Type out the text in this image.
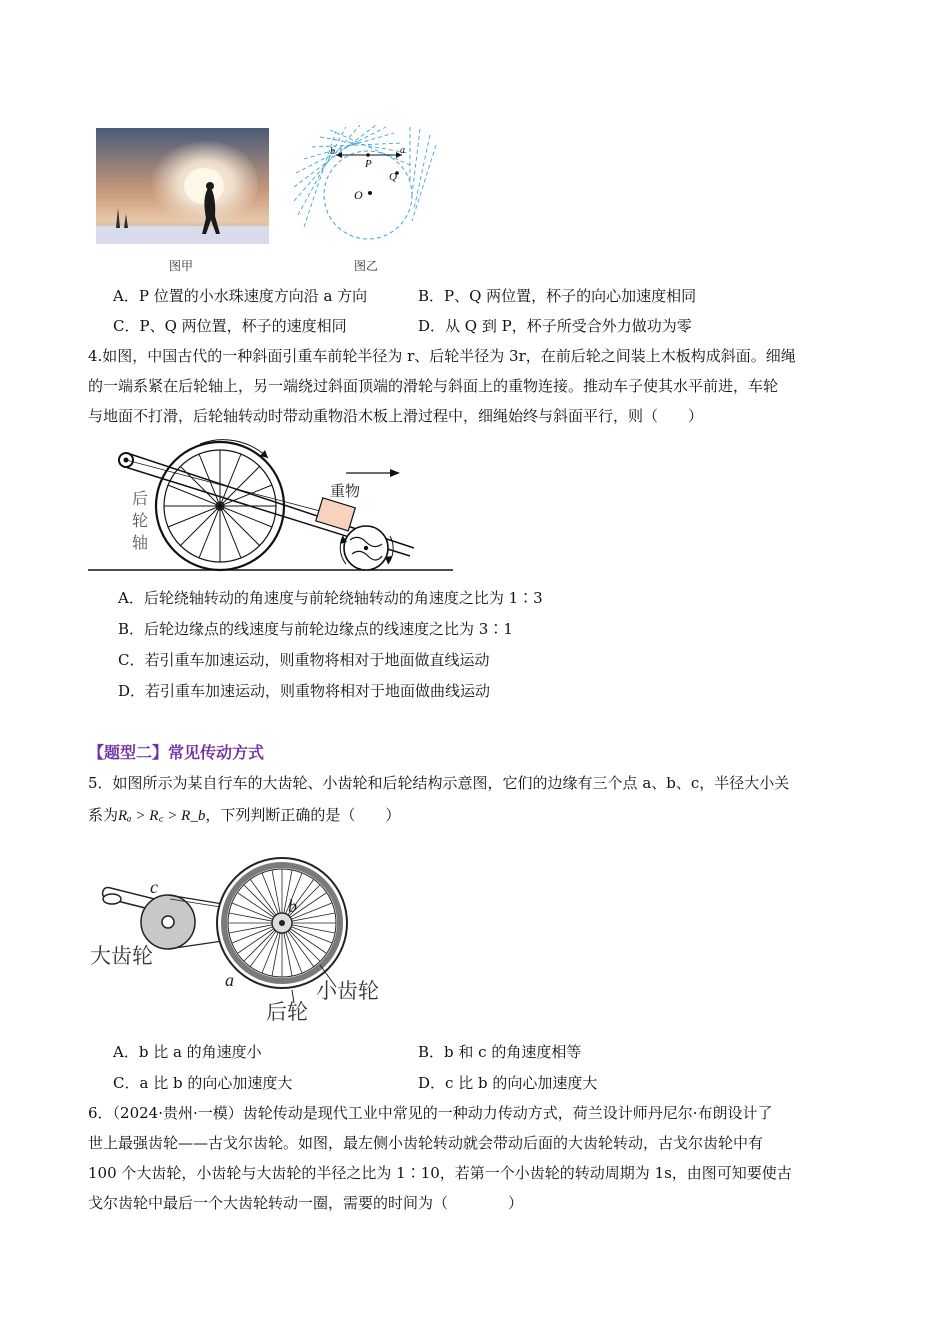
图甲
b	a
P
Q
O
图乙
A．P 位置的小水珠速度方向沿 a 方向	B．P、Q 两位置，杯子的向心加速度相同
C．P、Q 两位置，杯子的速度相同	D．从 Q 到 P，杯子所受合外力做功为零
4.如图，中国古代的一种斜面引重车前轮半径为 r、后轮半径为 3r，在前后轮之间装上木板构成斜面。细绳
的一端系紧在后轮轴上，另一端绕过斜面顶端的滑轮与斜面上的重物连接。推动车子使其水平前进，车轮
与地面不打滑，后轮轴转动时带动重物沿木板上滑过程中，细绳始终与斜面平行，则（　　）
重物
后
轮
轴
A．后轮绕轴转动的角速度与前轮绕轴转动的角速度之比为 1∶3
B．后轮边缘点的线速度与前轮边缘点的线速度之比为 3∶1
C．若引重车加速运动，则重物将相对于地面做直线运动
D．若引重车加速运动，则重物将相对于地面做曲线运动
【题型二】常见传动方式
5．如图所示为某自行车的大齿轮、小齿轮和后轮结构示意图，它们的边缘有三个点 a、b、c，半径大小关
系为Rₐ > R꜀ > R_b，下列判断正确的是（　　）
c
b
a
大齿轮
小齿轮
后轮
A．b 比 a 的角速度小	B．b 和 c 的角速度相等
C．a 比 b 的向心加速度大	D．c 比 b 的向心加速度大
6．（2024·贵州·一模）齿轮传动是现代工业中常见的一种动力传动方式，荷兰设计师丹尼尔·布朗设计了
世上最强齿轮——古戈尔齿轮。如图，最左侧小齿轮转动就会带动后面的大齿轮转动，古戈尔齿轮中有
100 个大齿轮，小齿轮与大齿轮的半径之比为 1∶10，若第一个小齿轮的转动周期为 1s，由图可知要使古
戈尔齿轮中最后一个大齿轮转动一圈，需要的时间为（　　　　）
